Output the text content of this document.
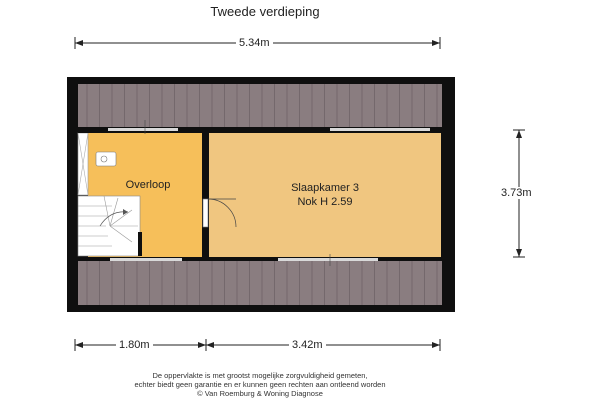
Tweede verdieping
5.34m
3.73m
1.80m	3.42m
Overloop	Slaapkamer 3
Nok H 2.59
De oppervlakte is met grootst mogelijke zorgvuldigheid gemeten,
echter biedt geen garantie en er kunnen geen rechten aan ontleend worden
© Van Roemburg & Woning Diagnose
